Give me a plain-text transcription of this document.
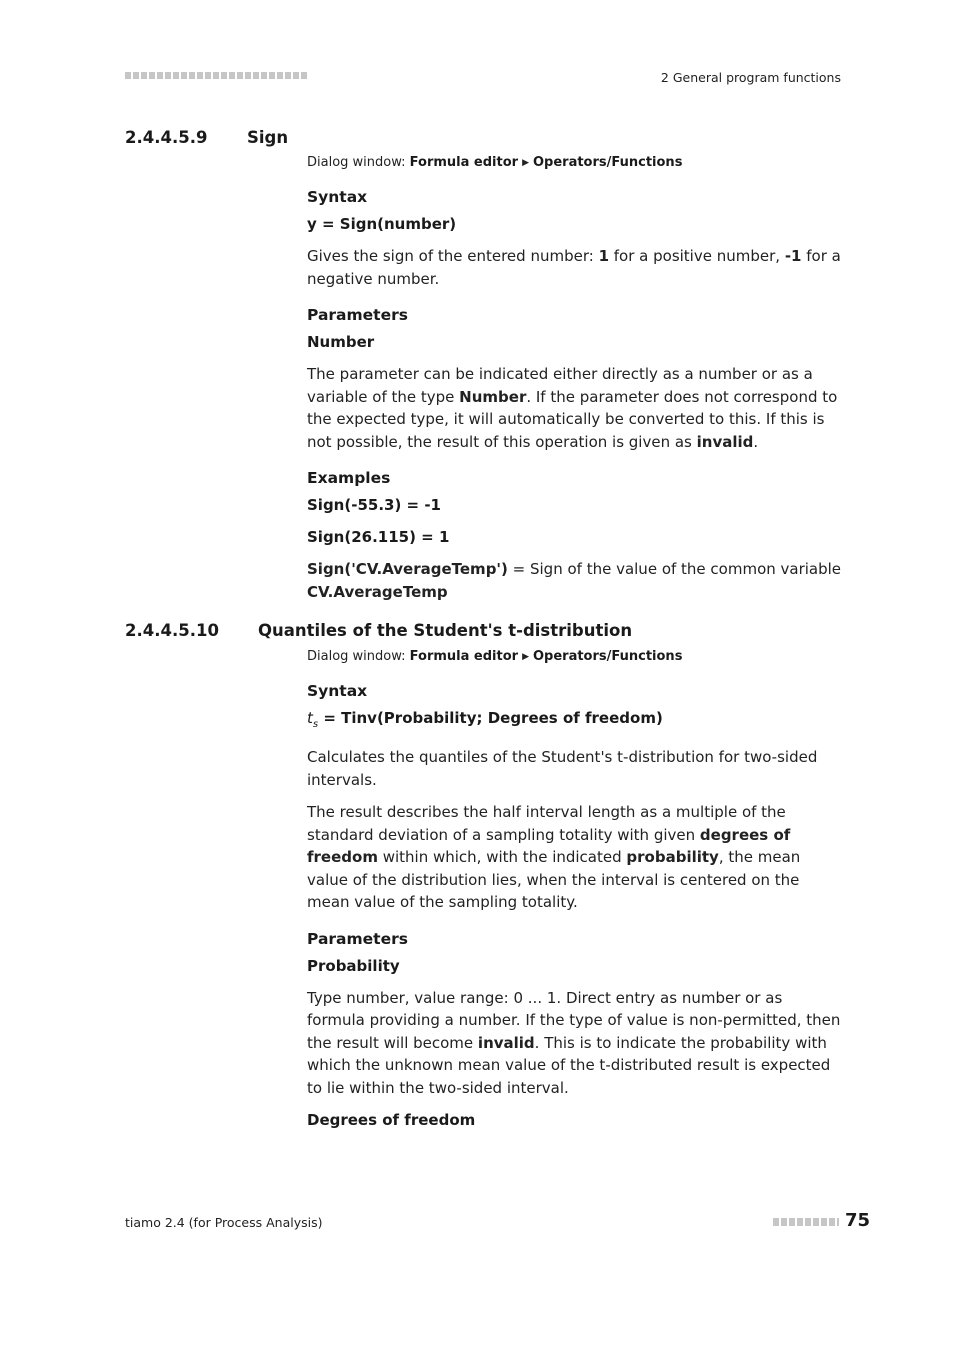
2 General program functions
2.4.4.5.9 Sign

Dialog window: Formula editor ▶ Operators/Functions

Syntax

y = Sign(number)

Gives the sign of the entered number: 1 for a positive number, -1 for a negative number.

Parameters

Number

The parameter can be indicated either directly as a number or as a variable of the type Number. If the parameter does not correspond to the expected type, it will automatically be converted to this. If this is not possible, the result of this operation is given as invalid.

Examples

Sign(-55.3) = -1

Sign(26.115) = 1

Sign('CV.AverageTemp') = Sign of the value of the common variable CV.AverageTemp

2.4.4.5.10 Quantiles of the Student's t-distribution

Dialog window: Formula editor ▶ Operators/Functions

Syntax

$t_s$ = Tinv(Probability; Degrees of freedom)

Calculates the quantiles of the Student's t-distribution for two-sided intervals.

The result describes the half interval length as a multiple of the standard deviation of a sampling totality with given degrees of freedom within which, with the indicated probability, the mean value of the distribution lies, when the interval is centered on the mean value of the sampling totality.

Parameters

Probability

Type number, value range: 0 ... 1. Direct entry as number or as formula providing a number. If the type of value is non-permitted, then the result will become invalid. This is to indicate the probability with which the unknown mean value of the t-distributed result is expected to lie within the two-sided interval.

Degrees of freedom

tiamo 2.4 (for Process Analysis)	75
